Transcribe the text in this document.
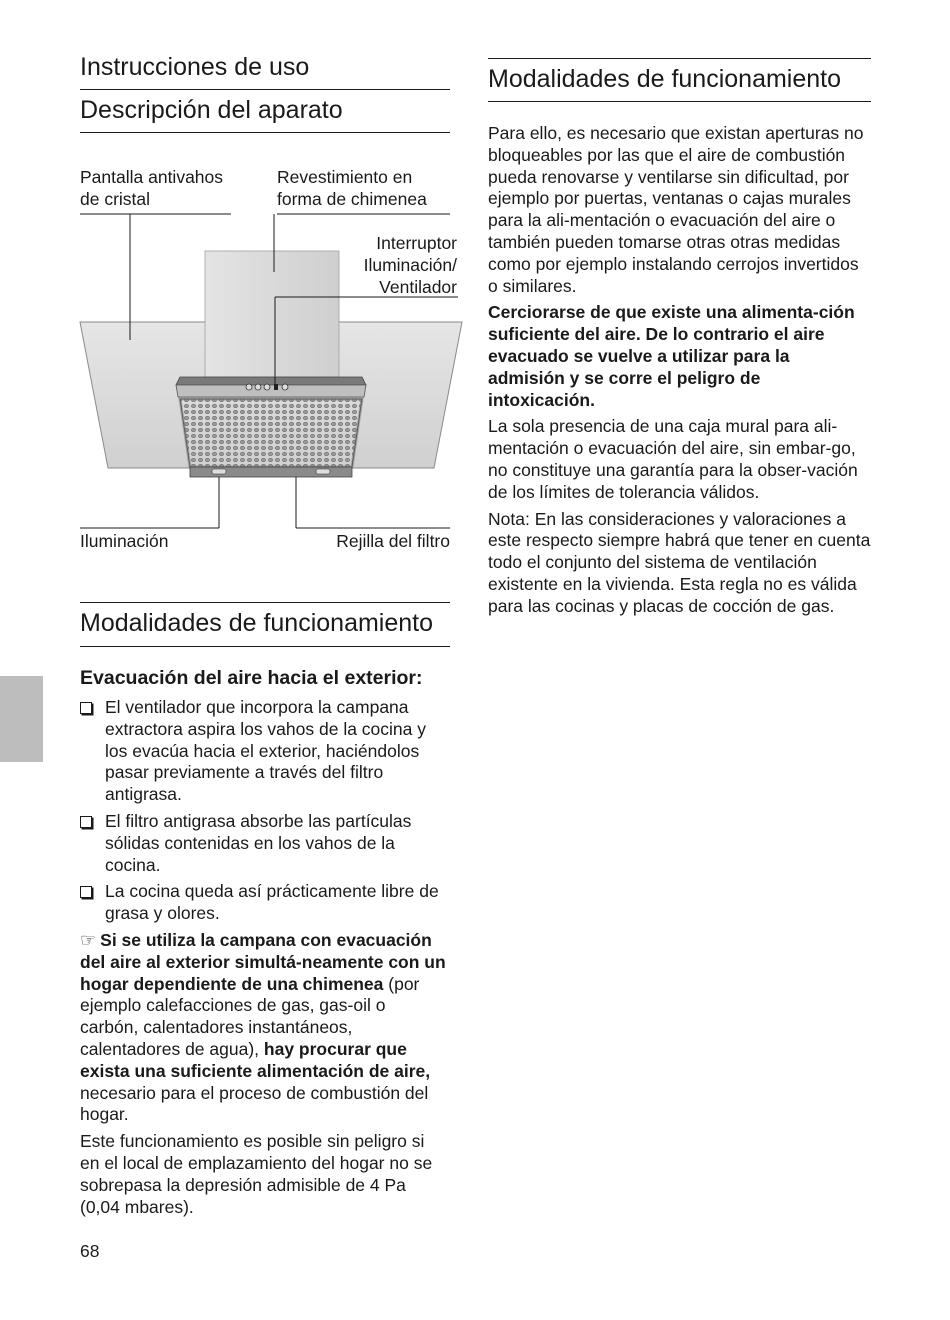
Instrucciones de uso
Descripción del aparato
Pantalla antivahos
de cristal
Revestimiento en
forma de chimenea
Interruptor
Iluminación/
Ventilador
Iluminación	Rejilla del filtro
Modalidades de funcionamiento
Evacuación del aire hacia el exterior:
El ventilador que incorpora la campana extractora aspira los vahos de la cocina y los evacúa hacia el exterior, haciéndolos pasar previamente a través del filtro antigrasa.
El filtro antigrasa absorbe las partículas sólidas contenidas en los vahos de la cocina.
La cocina queda así prácticamente libre de grasa y olores.

☞ Si se utiliza la campana con evacuación del aire al exterior simultá-neamente con un hogar dependiente de una chimenea (por ejemplo calefacciones de gas, gas-oil o carbón, calentadores instantáneos, calentadores de agua), hay procurar que exista una suficiente alimentación de aire, necesario para el proceso de combustión del hogar.

Este funcionamiento es posible sin peligro si en el local de emplazamiento del hogar no se sobrepasa la depresión admisible de 4 Pa (0,04 mbares).

68
Modalidades de funcionamiento

Para ello, es necesario que existan aperturas no bloqueables por las que el aire de combustión pueda renovarse y ventilarse sin dificultad, por ejemplo por puertas, ventanas o cajas murales para la ali-mentación o evacuación del aire o también pueden tomarse otras otras medidas como por ejemplo instalando cerrojos invertidos o similares.

Cerciorarse de que existe una alimenta-ción suficiente del aire. De lo contrario el aire evacuado se vuelve a utilizar para la admisión y se corre el peligro de intoxicación.

La sola presencia de una caja mural para ali-mentación o evacuación del aire, sin embar-go, no constituye una garantía para la obser-vación de los límites de tolerancia válidos.

Nota: En las consideraciones y valoraciones a este respecto siempre habrá que tener en cuenta todo el conjunto del sistema de ventilación existente en la vivienda. Esta regla no es válida para las cocinas y placas de cocción de gas.
